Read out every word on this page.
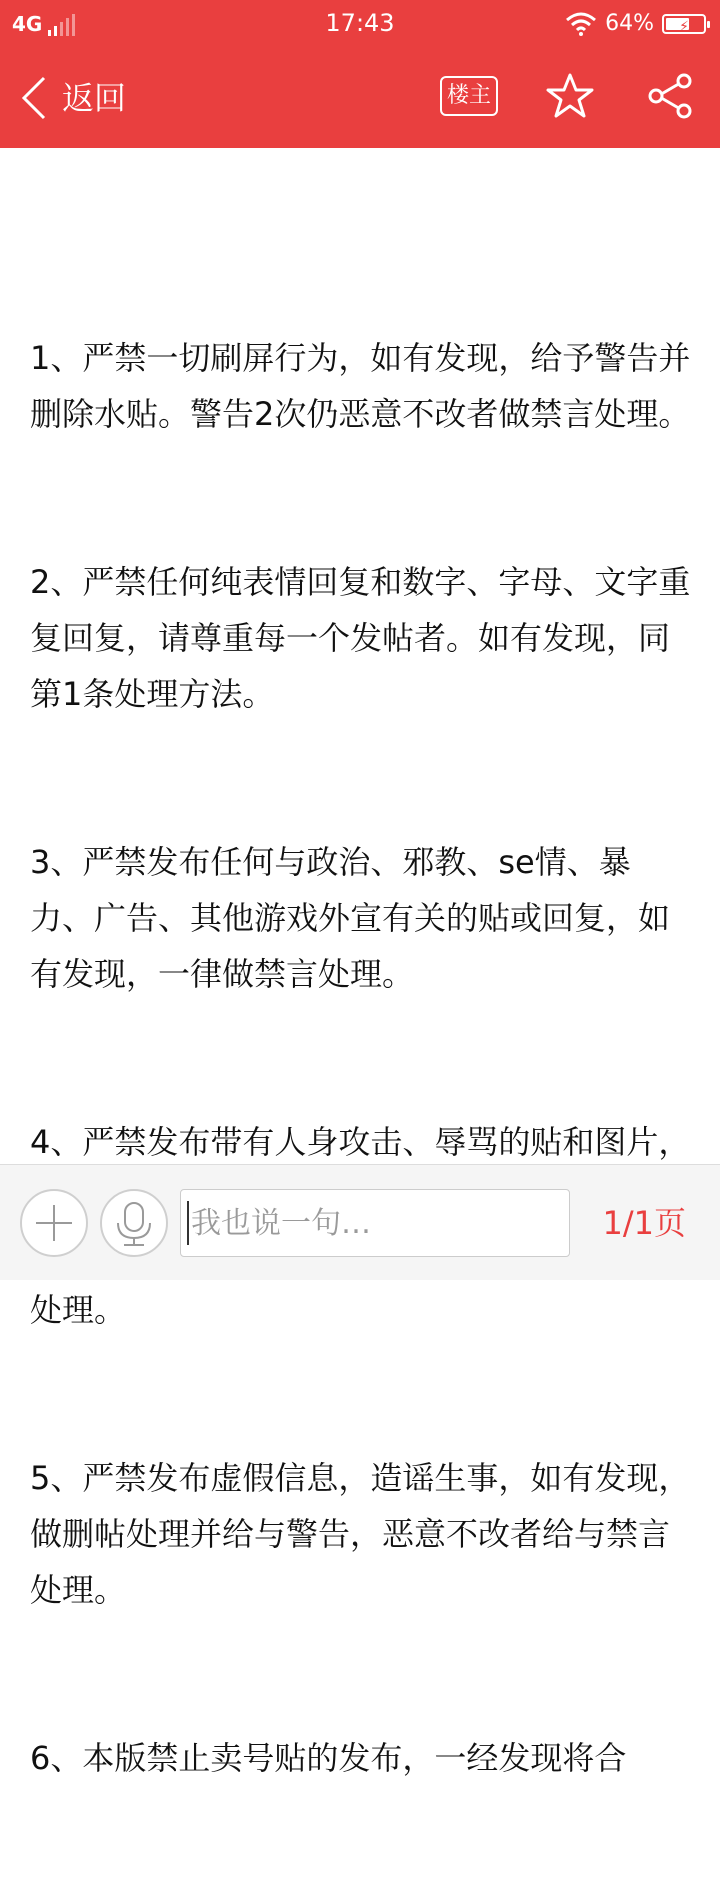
4G	17:43	64%	⚡
返回	楼主

1、严禁一切刷屏行为，如有发现，给予警告并删除水贴。警告2次仍恶意不改者做禁言处理。

2、严禁任何纯表情回复和数字、字母、文字重复回复，请尊重每一个发帖者。如有发现，同第1条处理方法。

3、严禁发布任何与政治、邪教、se情、暴力、广告、其他游戏外宣有关的贴或回复，如有发现，一律做禁言处理。

4、严禁发布带有人身攻击、辱骂的贴和图片， 处理。

5、严禁发布虚假信息，造谣生事，如有发现，做删帖处理并给与警告，恶意不改者给与禁言处理。

6、本版禁止卖号贴的发布，一经发现将合

我也说一句…
1/1页
